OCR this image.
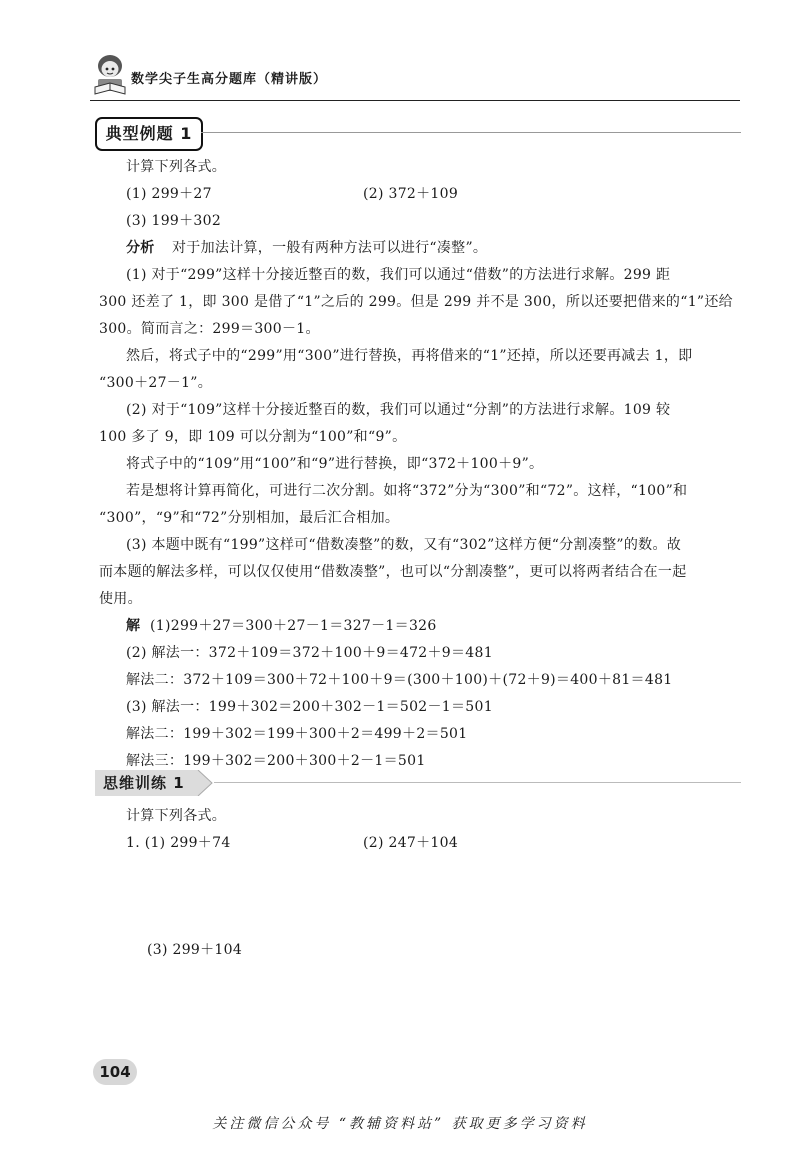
数学尖子生高分题库（精讲版）
典型例题 1
计算下列各式。
(1) 299＋27	(2) 372＋109
(3) 199＋302
分析 对于加法计算，一般有两种方法可以进行“凑整”。
(1) 对于“299”这样十分接近整百的数，我们可以通过“借数”的方法进行求解。299 距
300 还差了 1，即 300 是借了“1”之后的 299。但是 299 并不是 300，所以还要把借来的“1”还给
300。简而言之：299＝300－1。
然后，将式子中的“299”用“300”进行替换，再将借来的“1”还掉，所以还要再减去 1，即
“300＋27－1”。
(2) 对于“109”这样十分接近整百的数，我们可以通过“分割”的方法进行求解。109 较
100 多了 9，即 109 可以分割为“100”和“9”。
将式子中的“109”用“100”和“9”进行替换，即“372＋100＋9”。
若是想将计算再简化，可进行二次分割。如将“372”分为“300”和“72”。这样，“100”和
“300”，“9”和“72”分别相加，最后汇合相加。
(3) 本题中既有“199”这样可“借数凑整”的数，又有“302”这样方便“分割凑整”的数。故
而本题的解法多样，可以仅仅使用“借数凑整”，也可以“分割凑整”，更可以将两者结合在一起
使用。
解 (1)299＋27＝300＋27－1＝327－1＝326
(2) 解法一：372＋109＝372＋100＋9＝472＋9＝481
解法二：372＋109＝300＋72＋100＋9＝(300＋100)＋(72＋9)＝400＋81＝481
(3) 解法一：199＋302＝200＋302－1＝502－1＝501
解法二：199＋302＝199＋300＋2＝499＋2＝501
解法三：199＋302＝200＋300＋2－1＝501
思维训练 1
计算下列各式。
1. (1) 299＋74	(2) 247＋104
(3) 299＋104
104
关注微信公众号 “教辅资料站” 获取更多学习资料
